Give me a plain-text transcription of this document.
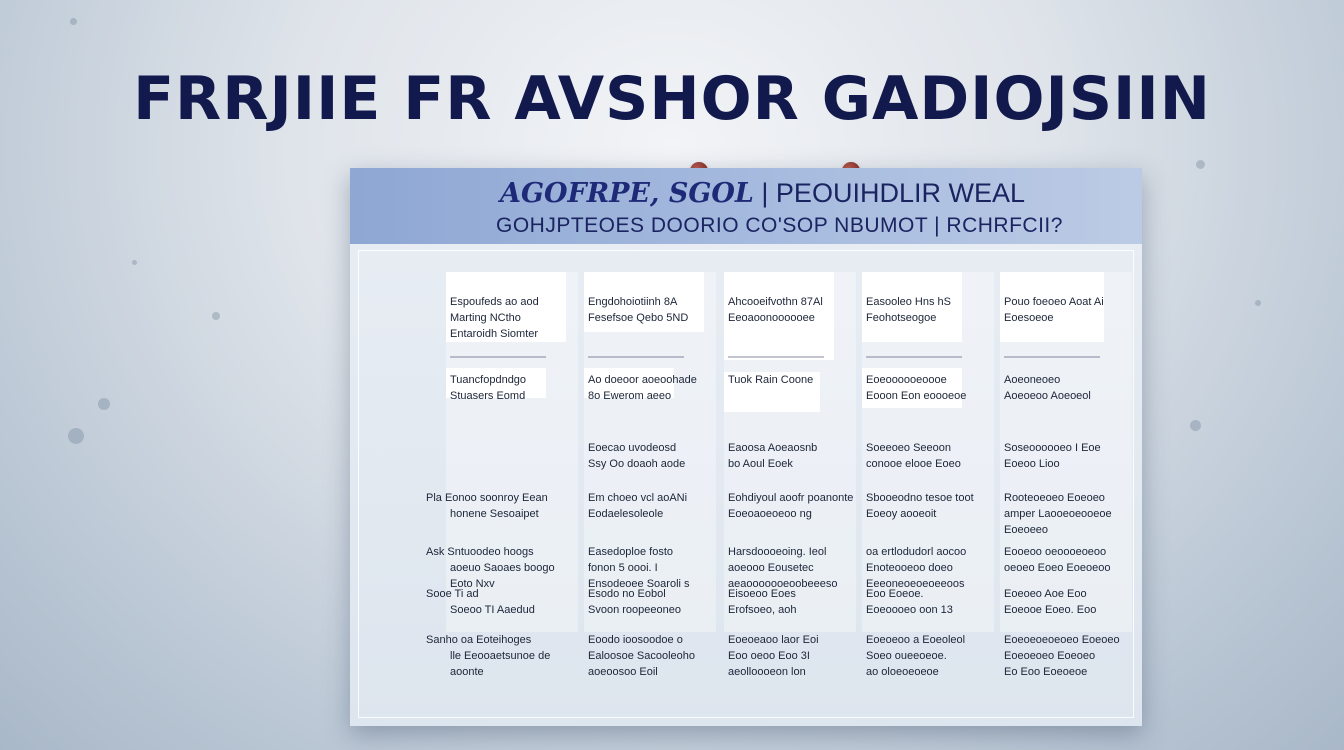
FRRJIIE FR AVSHOR GADIOJSIIN
AGOFRPE, SGOL | PEOUIHDLIR WEAL
GOHJPTEOES DOORIO CO'SOP NBUMOT | RCHRFCII?
Espoufeds ao aod
Marting NCtho
Entaroidh Siomter
Tuancfopdndgo
Stuasers Eomd
Pla Eonoo soonroy Eean
honene Sesoaipet
Ask Sntuoodeo hoogs
aoeuo Saoaes boogo
Eoto Nxv
Sooe Ti ad
Soeoo TI Aaedud
Sanho oa Eoteihoges
lle Eeooaetsunoe de
aoonte
Engdohoiotiinh 8A
Fesefsoe Qebo 5ND
Ao doeoor aoeoohade
8o Ewerom aeeo
Eoecao uvodeosd
Ssy Oo doaoh aode
Em choeo vcl aoANi
Eodaelesoleole
Easedoploe fosto
fonon 5 oooi. I
Ensodeoee Soaroli s
Esodo no Eobol
Svoon roopeeoneo
Eoodo ioosoodoe o
Ealoosoe Sacooleoho
aoeoosoo Eoil
Ahcooeifvothn 87Al
Eeoaoonoooooee
Tuok Rain Coone
Eaoosa Aoeaosnb
bo Aoul Eoek
Eohdiyoul aoofr poanonte
Eoeoaoeoeoo ng
Harsdoooeoing. Ieol
aoeooo Eousetec
aeaooooooeoobeeeso
Eisoeoo Eoes
Erofsoeo, aoh
Eoeoeaoo laor Eoi
Eoo oeoo Eoo 3I
aeolloooeon lon
Easooleo Hns hS
Feohotseogoe
Eoeoooooeoooe
Eooon Eon eoooeoe
Soeeoeo Seeoon
conooe elooe Eoeo
Sbooeodno tesoe toot
Eoeoy aooeoit
oa ertlodudorl aocoo
Enoteooeoo doeo
Eeeoneoeoeoeeoos
Eoo Eoeoe.
Eoeoooeo oon 13
Eoeoeoo a Eoeoleol
Soeo oueeoeoe.
ao oloeoeoeoe
Pouo foeoeo Aoat Ai
Eoesoeoe
Aoeoneoeo
Aoeoeoo Aoeoeol
Soseoooooeo I Eoe
Eoeoo Lioo
Rooteoeoeo Eoeoeo
amper Laooeoeooeoe
Eoeoeeo
Eooeoo oeoooeoeoo
oeoeo Eoeo Eoeoeoo
Eoeoeo Aoe Eoo
Eoeooe Eoeo. Eoo
Eoeoeoeoeoeo Eoeoeo
Eoeoeoeo Eoeoeo
Eo Eoo Eoeoeoe
